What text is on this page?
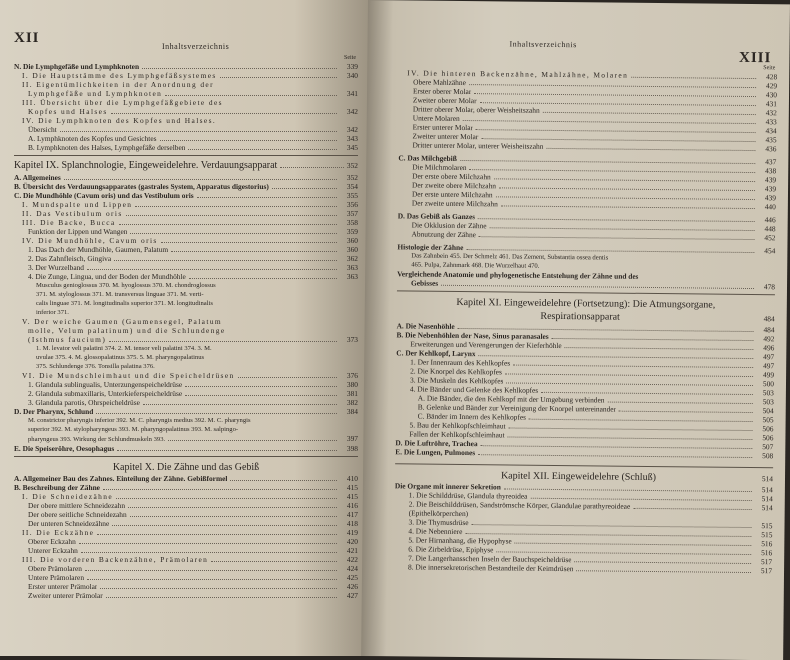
XII
Inhaltsverzeichnis
Seite
N. Die Lymphgefäße und Lymphknoten	339
I. Die Hauptstämme des Lymphgefäßsystemes	340
II. Eigentümlichkeiten in der Anordnung der
Lymphgefäße und Lymphknoten	341
III. Übersicht über die Lymphgefäßgebiete des
Kopfes und Halses	342
IV. Die Lymphknoten des Kopfes und Halses.
Übersicht	342
A. Lymphknoten des Kopfes und Gesichtes	343
B. Lymphknoten des Halses, Lymphgefäße derselben	345
Kapitel IX. Splanchnologie, Eingeweidelehre. Verdauungsapparat	352
A. Allgemeines	352
B. Übersicht des Verdauungsapparates (gastrales System, Apparatus digestorius)	354
C. Die Mundhöhle (Cavum oris) und das Vestibulum oris	355
I. Mundspalte und Lippen	356
II. Das Vestibulum oris	357
III. Die Backe, Bucca	358
Funktion der Lippen und Wangen	359
IV. Die Mundhöhle, Cavum oris	360
1. Das Dach der Mundhöhle, Gaumen, Palatum	360
2. Das Zahnfleisch, Gingiva	362
3. Der Wurzelband	363
4. Die Zunge, Lingua, und der Boden der Mundhöhle	363
Musculus genioglossus 370. M. hyoglossus 370. M. chondroglossus
371. M. styloglossus 371. M. transversus linguae 371. M. verti-
calis linguae 371. M. longitudinalis superior 371. M. longitudinalis
inferior 371.
V. Der weiche Gaumen (Gaumensegel, Palatum
molle, Velum palatinum) und die Schlundenge
(Isthmus faucium)	373
1. M. levator veli palatini 374. 2. M. tensor veli palatini 374. 3. M.
uvulae 375. 4. M. glossopalatinus 375. 5. M. pharyngopalatinus
375. Schlundenge 376. Tonsilla palatina 376.
VI. Die Mundschleimhaut und die Speicheldrüsen	376
1. Glandula sublingualis, Unterzungenspeicheldrüse	380
2. Glandula submaxillaris, Unterkieferspeicheldrüse	381
3. Glandula parotis, Ohrspeicheldrüse	382
D. Der Pharynx, Schlund	384
M. constrictor pharyngis inferior 392. M. C. pharyngis medius 392. M. C. pharyngis
superior 392. M. stylopharyngeus 393. M. pharyngopalatinus 393. M. salpingo-
pharyngeus 393. Wirkung der Schlundmuskeln 393.	397
E. Die Speiseröhre, Oesophagus	398
Kapitel X. Die Zähne und das Gebiß
A. Allgemeiner Bau des Zahnes. Einteilung der Zähne. Gebißformel	410
B. Beschreibung der Zähne	415
I. Die Schneidezähne	415
Der obere mittlere Schneidezahn	416
Der obere seitliche Schneidezahn	417
Der unteren Schneidezähne	418
II. Die Eckzähne	419
Oberer Eckzahn	420
Unterer Eckzahn	421
III. Die vorderen Backenzähne, Prämolaren	422
Obere Prämolaren	424
Untere Prämolaren	425
Erster unterer Prämolar	426
Zweiter unterer Prämolar	427
Inhaltsverzeichnis
XIII
Seite
IV. Die hinteren Backenzähne, Mahlzähne, Molaren	428
Obere Mahlzähne	429
Erster oberer Molar	430
Zweiter oberer Molar	431
Dritter oberer Molar, oberer Weisheitszahn	432
Untere Molaren	433
Erster unterer Molar	434
Zweiter unterer Molar	435
Dritter unterer Molar, unterer Weisheitszahn	436
C. Das Milchgebiß	437
Die Milchmolaren	438
Der erste obere Milchzahn	439
Der zweite obere Milchzahn	439
Der erste untere Milchzahn	439
Der zweite untere Milchzahn	440
D. Das Gebiß als Ganzes	446
Die Okklusion der Zähne	448
Abnutzung der Zähne	452
Histologie der Zähne	454
Das Zahnbein 455. Der Schmelz 461. Das Zement, Substantia ossea dentis
465. Pulpa, Zahnmark 468. Die Wurzelhaut 470.
Vergleichende Anatomie und phylogenetische Entstehung der Zähne und des
Gebisses	478
Kapitel XI. Eingeweidelehre (Fortsetzung): Die Atmungsorgane,
Respirationsapparat	484
A. Die Nasenhöhle	484
B. Die Nebenhöhlen der Nase, Sinus paranasales	492
Erweiterungen und Verengerungen der Kieferhöhle	496
C. Der Kehlkopf, Larynx	497
1. Der Innenraum des Kehlkopfes	497
2. Die Knorpel des Kehlkopfes	499
3. Die Muskeln des Kehlkopfes	500
4. Die Bänder und Gelenke des Kehlkopfes	503
A. Die Bänder, die den Kehlkopf mit der Umgebung verbinden	503
B. Gelenke und Bänder zur Vereinigung der Knorpel untereinander	504
C. Bänder im Innern des Kehlkopfes	505
5. Bau der Kehlkopfschleimhaut	506
Fallen der Kehlkopfschleimhaut	506
D. Die Luftröhre, Trachea	507
E. Die Lungen, Pulmones	508
Kapitel XII. Eingeweidelehre (Schluß)	514
Die Organe mit innerer Sekretion	514
1. Die Schilddrüse, Glandula thyreoidea	514
2. Die Beischilddrüsen, Sandströmsche Körper, Glandulae parathyreoideae	514
(Epithelkörperchen)
3. Die Thymusdrüse	515
4. Die Nebenniere	515
5. Der Hirnanhang, die Hypophyse	516
6. Die Zirbeldrüse, Epiphyse	516
7. Die Langerhansschen Inseln der Bauchspeicheldrüse	517
8. Die innersekretorischen Bestandteile der Keimdrüsen	517
